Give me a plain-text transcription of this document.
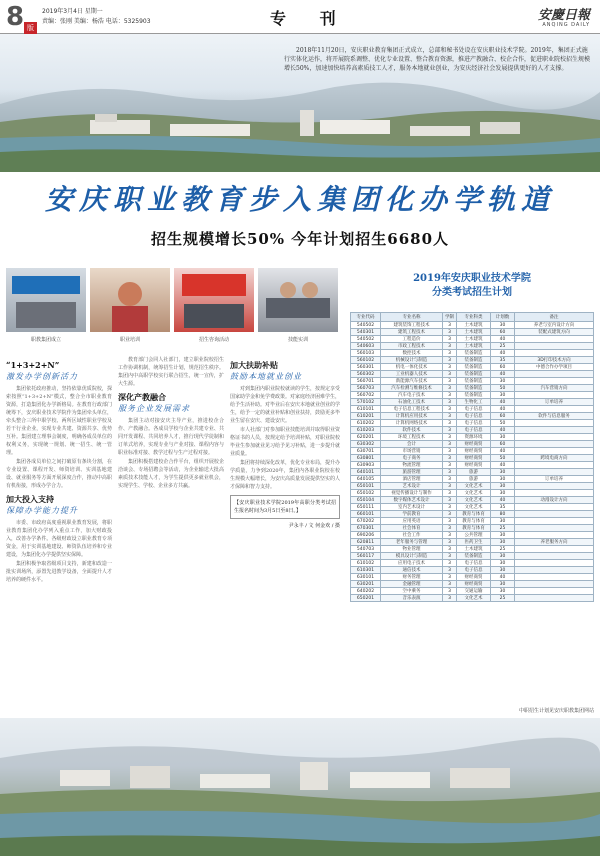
8 版
2019年3月4日 星期一
责编：张刚 美编：杨浩 电话：5325903	专 刊	安慶日報
ANQING DAILY
2018年11月20日，安庆职业教育集团正式成立，总部和秘书处设在安庆职业技术学院。2019年，集团正式施行实体化运作，将开展院系调整、优化专业设置、整合教育资源，推进产教融合、校企合作，促进职业院校招生规模增长50%，加速加快培养高素质技工人才，服务本地就业创业，为安庆经济社会发展提供更好的人才支撑。
安庆职业教育步入集团化办学轨道
招生规模增长50% 今年计划招生6680人
职教集团成立	职业培训	招生咨询活动	技能实训
“1+3+2+N”
激发办学创新活力

集团依托政府推动，坚持依靠优质院校，探索按照“1+3+2+N”模式，整合全市职业教育资源，打造集团化办学新格局。在教育行政部门统筹下，安庆职业技术学院作为集团牵头单位，牵头整合三所中职学校、两所区域性职业学校及若干行业企业，实现专业共建、资源共享、优势互补。集团建立理事会制度，明确各成员单位的权利义务，实现统一规划、统一招生、统一管理。

集团各成员单位之间打破原有条块分割，在专业设置、课程开发、师资培训、实训基地建设、就业服务等方面开展深度合作，推动中高职有机衔接，形成办学合力。

加大投入支持
保障办学能力提升

市委、市政府高度重视职业教育发展，将职业教育集团化办学列入重点工作，加大财政投入，改善办学条件。各级财政设立职业教育专项资金，用于实训基地建设、师资队伍培养和专业建设，为集团化办学提供坚实保障。

集团积极争取省级项目支持，新建和改造一批实训场所，添置先进教学设备，全面提升人才培养的硬件水平。

教育部门会同人社部门，建立职业院校招生工作协调机制，统筹招生计划，规范招生秩序。集团内中高职学校实行联合招生，统一宣传，扩大生源。

深化产教融合
服务企业发展需求

集团主动对接安庆主导产业，推进校企合作、产教融合。各成员学校与企业共建专业、共同开发课程、共同培养人才，推行现代学徒制和订单式培养，实现专业与产业对接、课程内容与职业标准对接、教学过程与生产过程对接。

集团积极搭建校企合作平台，组织开展校企洽谈会、专场招聘会等活动，为企业输送大批高素质技术技能人才，为学生提供更多就业机会，实现学生、学校、企业多方共赢。

加大扶助补贴
鼓励本地就业创业

对到集团内职业院校就读的学生，按规定享受国家助学金和免学费政策。对家庭经济困难学生，给予生活补助。对毕业后在安庆本地就业创业的学生，给予一定的就业补贴和创业扶持，鼓励更多毕业生留在安庆、建设安庆。

市人社部门对参加职业技能培训并取得职业资格证书的人员，按规定给予培训补贴，对职业院校毕业生参加就业见习给予见习补贴，进一步提升就业质量。

集团将持续深化改革，优化专业布局，提升办学质量，力争到2020年，集团内各职业院校在校生规模大幅增长，为安庆高质量发展提供坚实的人才保障和智力支持。

【安庆职业技术学院2019年高职分类考试招生报名时间为3月5日至8日。】
尹永丰 / 文 何金欢 / 摄
2019年安庆职业技术学院
分类考试招生计划
专业代码	专业名称	学制	专业科类	计划数	备注
540502	建筑装饰工程技术	3	土木建筑	30	养老与室内设计方向
540301	建筑工程技术	3	土木建筑	60	装配式建筑方向
540502	工程造价	3	土木建筑	40	
540603	市政工程技术	3	土木建筑	25	
560103	数控技术	3	装备制造	40	
560102	机械设计与制造	3	装备制造	35	3D打印技术方向
560301	机电一体化技术	3	装备制造	60	中德合作办学项目
560302	工业机器人技术	3	装备制造	40	
560701	新能源汽车技术	3	装备制造	30	
560703	汽车检测与维修技术	3	装备制造	50	汽车营销方向
560702	汽车电子技术	3	装备制造	30	
570102	石油化工技术	3	生物化工	40	订单培养
610101	电子信息工程技术	3	电子信息	40	
610201	计算机应用技术	3	电子信息	60	软件与信息服务
610202	计算机网络技术	3	电子信息	50	
610203	软件技术	3	电子信息	40	
620201	环境工程技术	3	资源环境	30	
630302	会计	3	财经商贸	60	
630701	市场营销	3	财经商贸	40	
630801	电子商务	3	财经商贸	50	跨境电商方向
630903	物流管理	3	财经商贸	40	
640101	旅游管理	3	旅游	30	
640105	酒店管理	3	旅游	30	订单培养
650101	艺术设计	3	文化艺术	30	
650102	视觉传播设计与制作	3	文化艺术	30	
650104	数字媒体艺术设计	3	文化艺术	40	动漫设计方向
650111	室内艺术设计	3	文化艺术	35	
660101	学前教育	3	教育与体育	80	
670202	应用英语	3	教育与体育	30	
670301	社会体育	3	教育与体育	25	
690206	社会工作	3	公共管理	30	
620811	老年服务与管理	3	医药卫生	30	养老服务方向
540703	物业管理	3	土木建筑	25	
560117	模具设计与制造	3	装备制造	30	
610102	应用电子技术	3	电子信息	30	
610301	通信技术	3	电子信息	30	
630101	财务管理	3	财经商贸	40	
630201	金融管理	3	财经商贸	30	
640202	空中乘务	3	交通运输	30	
650201	音乐表演	3	文化艺术	25	
中职招生计划见安庆职教集团网站
